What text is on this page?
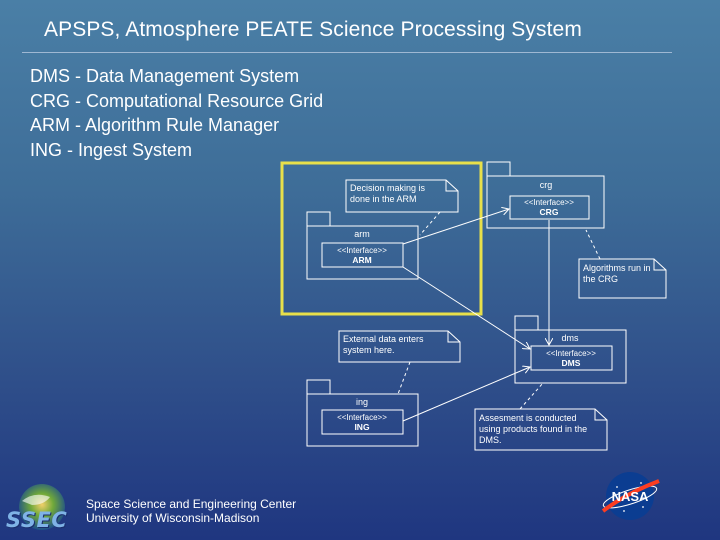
APSPS, Atmosphere PEATE Science Processing System
DMS - Data Management System
CRG - Computational Resource Grid
ARM - Algorithm Rule Manager
ING - Ingest System
Decision making is
done in the ARM
arm
<<Interface>>
ARM
crg
<<Interface>>
CRG
Algorithms run in
the CRG
External data enters
system here.
dms
<<Interface>>
DMS
ing
<<Interface>>
ING
Assesment is conducted
using products found in the
DMS.
SSEC
Space Science and Engineering Center
University of Wisconsin-Madison
NASA
